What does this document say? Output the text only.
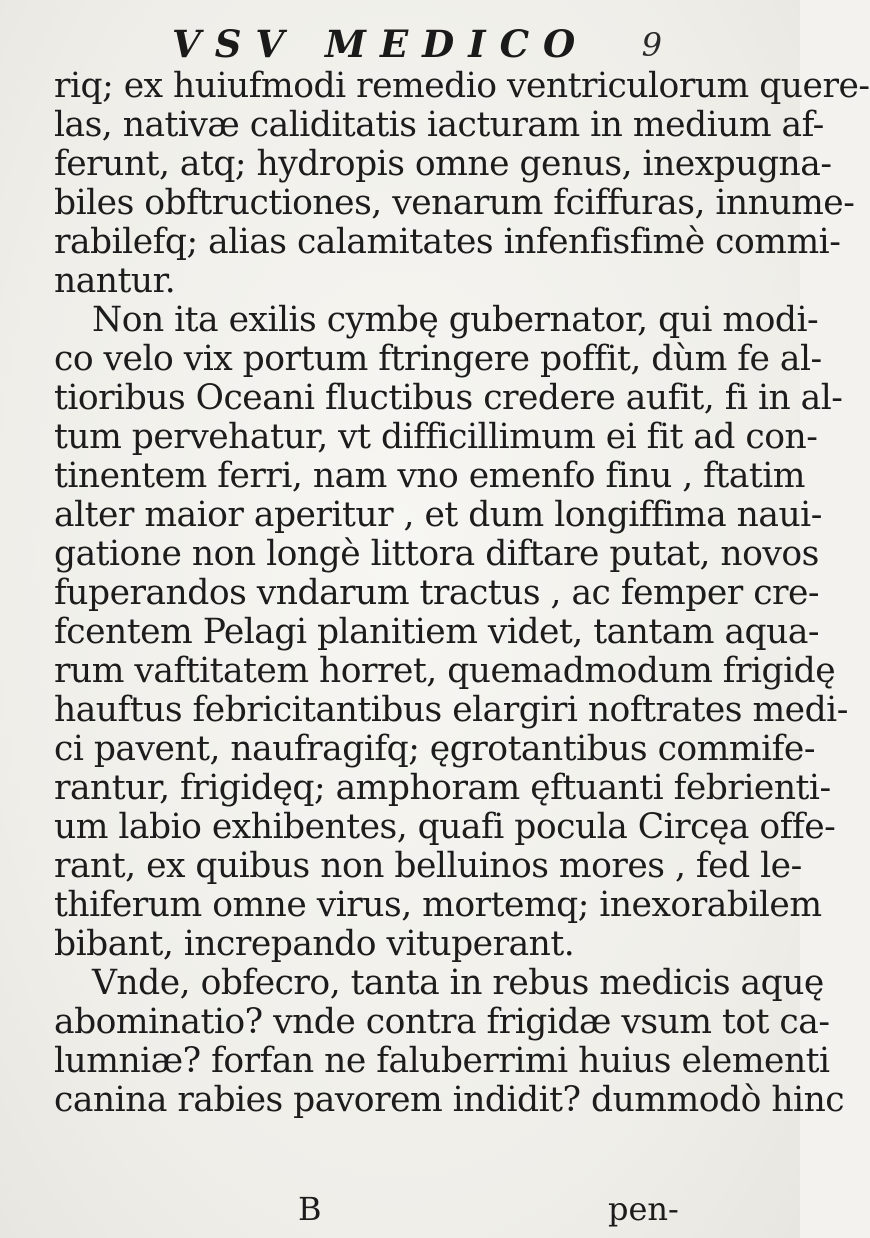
VSV MEDICO 9
riq; ex huiufmodi remedio ventriculorum quere-
las, nativæ caliditatis iacturam in medium af-
ferunt, atq; hydropis omne genus, inexpugna-
biles obftructiones, venarum fciffuras, innume-
rabilefq; alias calamitates infenfisfimè commi-
nantur.
Non ita exilis cymbę gubernator, qui modi-
co velo vix portum ftringere poffit, dùm fe al-
tioribus Oceani fluctibus credere aufit, fi in al-
tum pervehatur, vt difficillimum ei fit ad con-
tinentem ferri, nam vno emenfo finu , ftatim
alter maior aperitur , et dum longiffima naui-
gatione non longè littora diftare putat, novos
fuperandos vndarum tractus , ac femper cre-
fcentem Pelagi planitiem videt, tantam aqua-
rum vaftitatem horret, quemadmodum frigidę
hauftus febricitantibus elargiri noftrates medi-
ci pavent, naufragifq; ęgrotantibus commife-
rantur, frigidęq; amphoram ęftuanti febrienti-
um labio exhibentes, quafi pocula Circęa offe-
rant, ex quibus non belluinos mores , fed le-
thiferum omne virus, mortemq; inexorabilem
bibant, increpando vituperant.
Vnde, obfecro, tanta in rebus medicis aquę
abominatio? vnde contra frigidæ vsum tot ca-
lumniæ? forfan ne faluberrimi huius elementi
canina rabies pavorem indidit? dummodò hinc
B	pen-
